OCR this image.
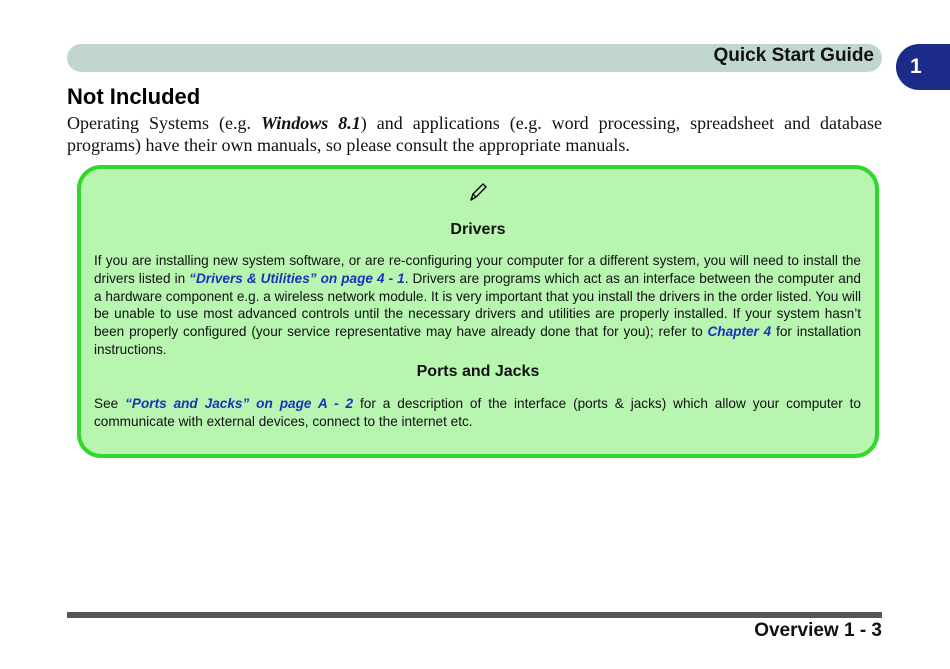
Quick Start Guide 1
Not Included

Operating Systems (e.g. Windows 8.1) and applications (e.g. word processing, spreadsheet and database programs) have their own manuals, so please consult the appropriate manuals.

Drivers

If you are installing new system software, or are re-configuring your computer for a different system, you will need to install the drivers listed in “Drivers & Utilities” on page 4 - 1. Drivers are programs which act as an interface between the computer and a hardware component e.g. a wireless network module. It is very important that you install the drivers in the order listed. You will be unable to use most advanced controls until the necessary drivers and utilities are properly installed. If your system hasn’t been properly configured (your service representative may have already done that for you); refer to Chapter 4 for installation instructions.

Ports and Jacks

See “Ports and Jacks” on page A - 2 for a description of the interface (ports & jacks) which allow your computer to communicate with external devices, connect to the internet etc.

Overview 1 - 3
